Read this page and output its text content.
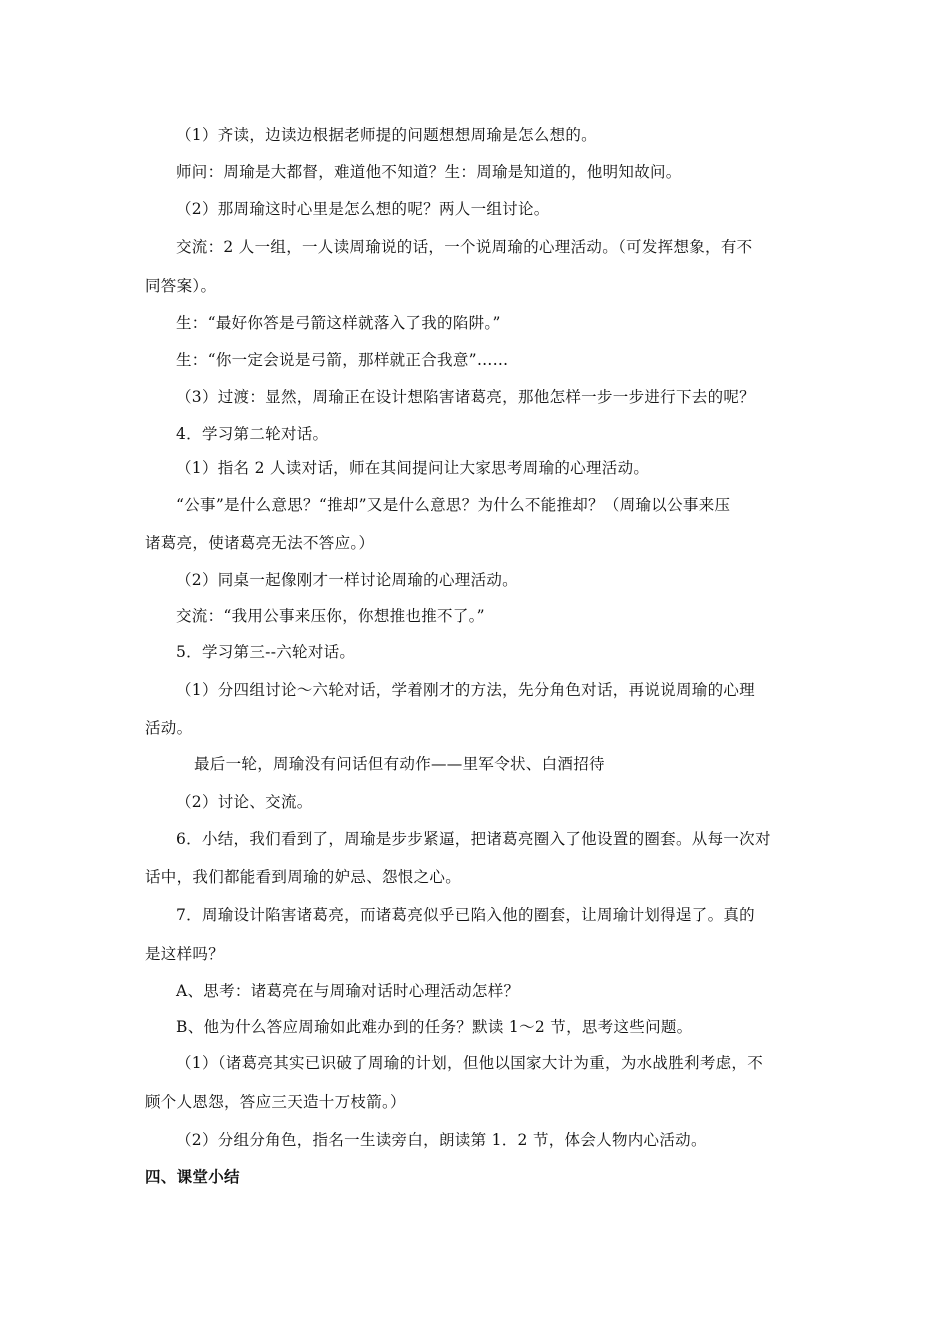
（1）齐读，边读边根据老师提的问题想想周瑜是怎么想的。
师问：周瑜是大都督，难道他不知道？生：周瑜是知道的，他明知故问。
（2）那周瑜这时心里是怎么想的呢？两人一组讨论。
交流：2 人一组，一人读周瑜说的话，一个说周瑜的心理活动。（可发挥想象，有不
同答案）。
生：“最好你答是弓箭这样就落入了我的陷阱。”
生：“你一定会说是弓箭，那样就正合我意”……
（3）过渡：显然，周瑜正在设计想陷害诸葛亮，那他怎样一步一步进行下去的呢？
4．学习第二轮对话。
（1）指名 2 人读对话，师在其间提问让大家思考周瑜的心理活动。
“公事”是什么意思？“推却”又是什么意思？为什么不能推却？（周瑜以公事来压
诸葛亮，使诸葛亮无法不答应。）
（2）同桌一起像刚才一样讨论周瑜的心理活动。
交流：“我用公事来压你，你想推也推不了。”
5．学习第三--六轮对话。
（1）分四组讨论～六轮对话，学着刚才的方法，先分角色对话，再说说周瑜的心理
活动。
最后一轮，周瑜没有问话但有动作——里军令状、白酒招待
（2）讨论、交流。
6．小结，我们看到了，周瑜是步步紧逼，把诸葛亮圈入了他设置的圈套。从每一次对
话中，我们都能看到周瑜的妒忌、怨恨之心。
7．周瑜设计陷害诸葛亮，而诸葛亮似乎已陷入他的圈套，让周瑜计划得逞了。真的
是这样吗？
A、思考：诸葛亮在与周瑜对话时心理活动怎样？
B、他为什么答应周瑜如此难办到的任务？默读 1～2 节，思考这些问题。
（1）（诸葛亮其实已识破了周瑜的计划，但他以国家大计为重，为水战胜利考虑，不
顾个人恩怨，答应三天造十万枝箭。）
（2）分组分角色，指名一生读旁白，朗读第 1．2 节，体会人物内心活动。
四、课堂小结
